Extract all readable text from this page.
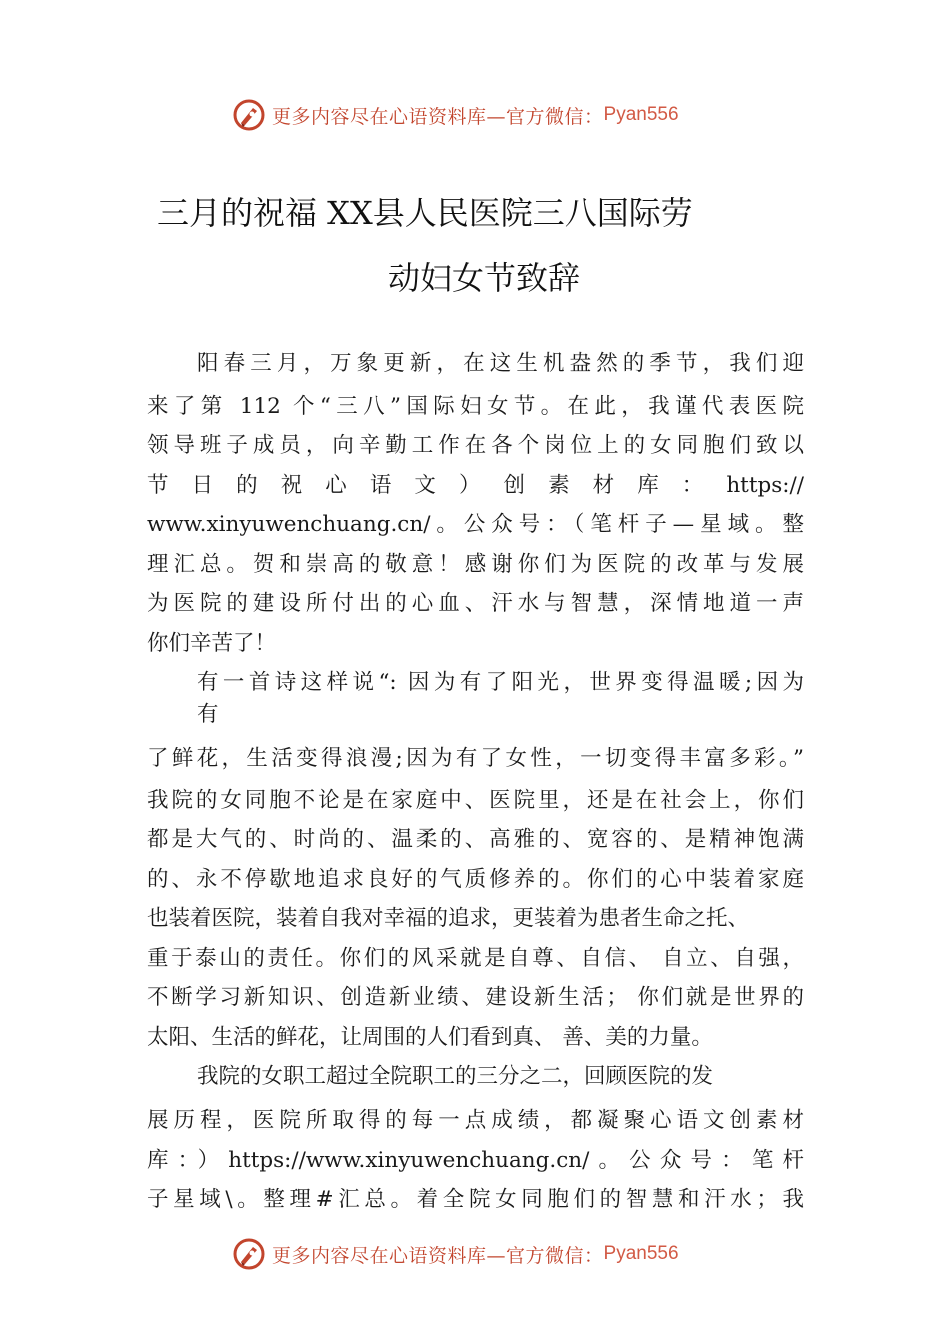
更多内容尽在心语资料库—官方微信： Pyan556
三月的祝福 XX县人民医院三八国际劳
动妇女节致辞
阳春三月，万象更新，在这生机盎然的季节，我们迎
来了第 112 个“三八”国际妇女节。在此，我谨代表医院
领导班子成员，向辛勤工作在各个岗位上的女同胞们致以
节 日 的 祝 心 语 文 ） 创 素 材 库 ： https://
www.xinyuwenchuang.cn/。公众号：（笔杆子—星域。整
理汇总。贺和崇高的敬意！感谢你们为医院的改革与发展
为医院的建设所付出的心血、汗水与智慧，深情地道一声
你们辛苦了！
有一首诗这样说“: 因为有了阳光，世界变得温暖;因为
有
了鲜花，生活变得浪漫;因为有了女性，一切变得丰富多彩。”
我院的女同胞不论是在家庭中、医院里，还是在社会上，你们
都是大气的、时尚的、温柔的、高雅的、宽容的、是精神饱满
的、永不停歇地追求良好的气质修养的。你们的心中装着家庭
也装着医院，装着自我对幸福的追求，更装着为患者生命之托、
重于泰山的责任。你们的风采就是自尊、自信、 自立、自强，
不断学习新知识、创造新业绩、建设新生活； 你们就是世界的
太阳、生活的鲜花，让周围的人们看到真、 善、美的力量。
我院的女职工超过全院职工的三分之二，回顾医院的发
展历程，医院所取得的每一点成绩，都凝聚心语文创素材
库：）https://www.xinyuwenchuang.cn/。公众号：笔杆
子星域\。整理#汇总。着全院女同胞们的智慧和汗水；我
更多内容尽在心语资料库—官方微信： Pyan556
